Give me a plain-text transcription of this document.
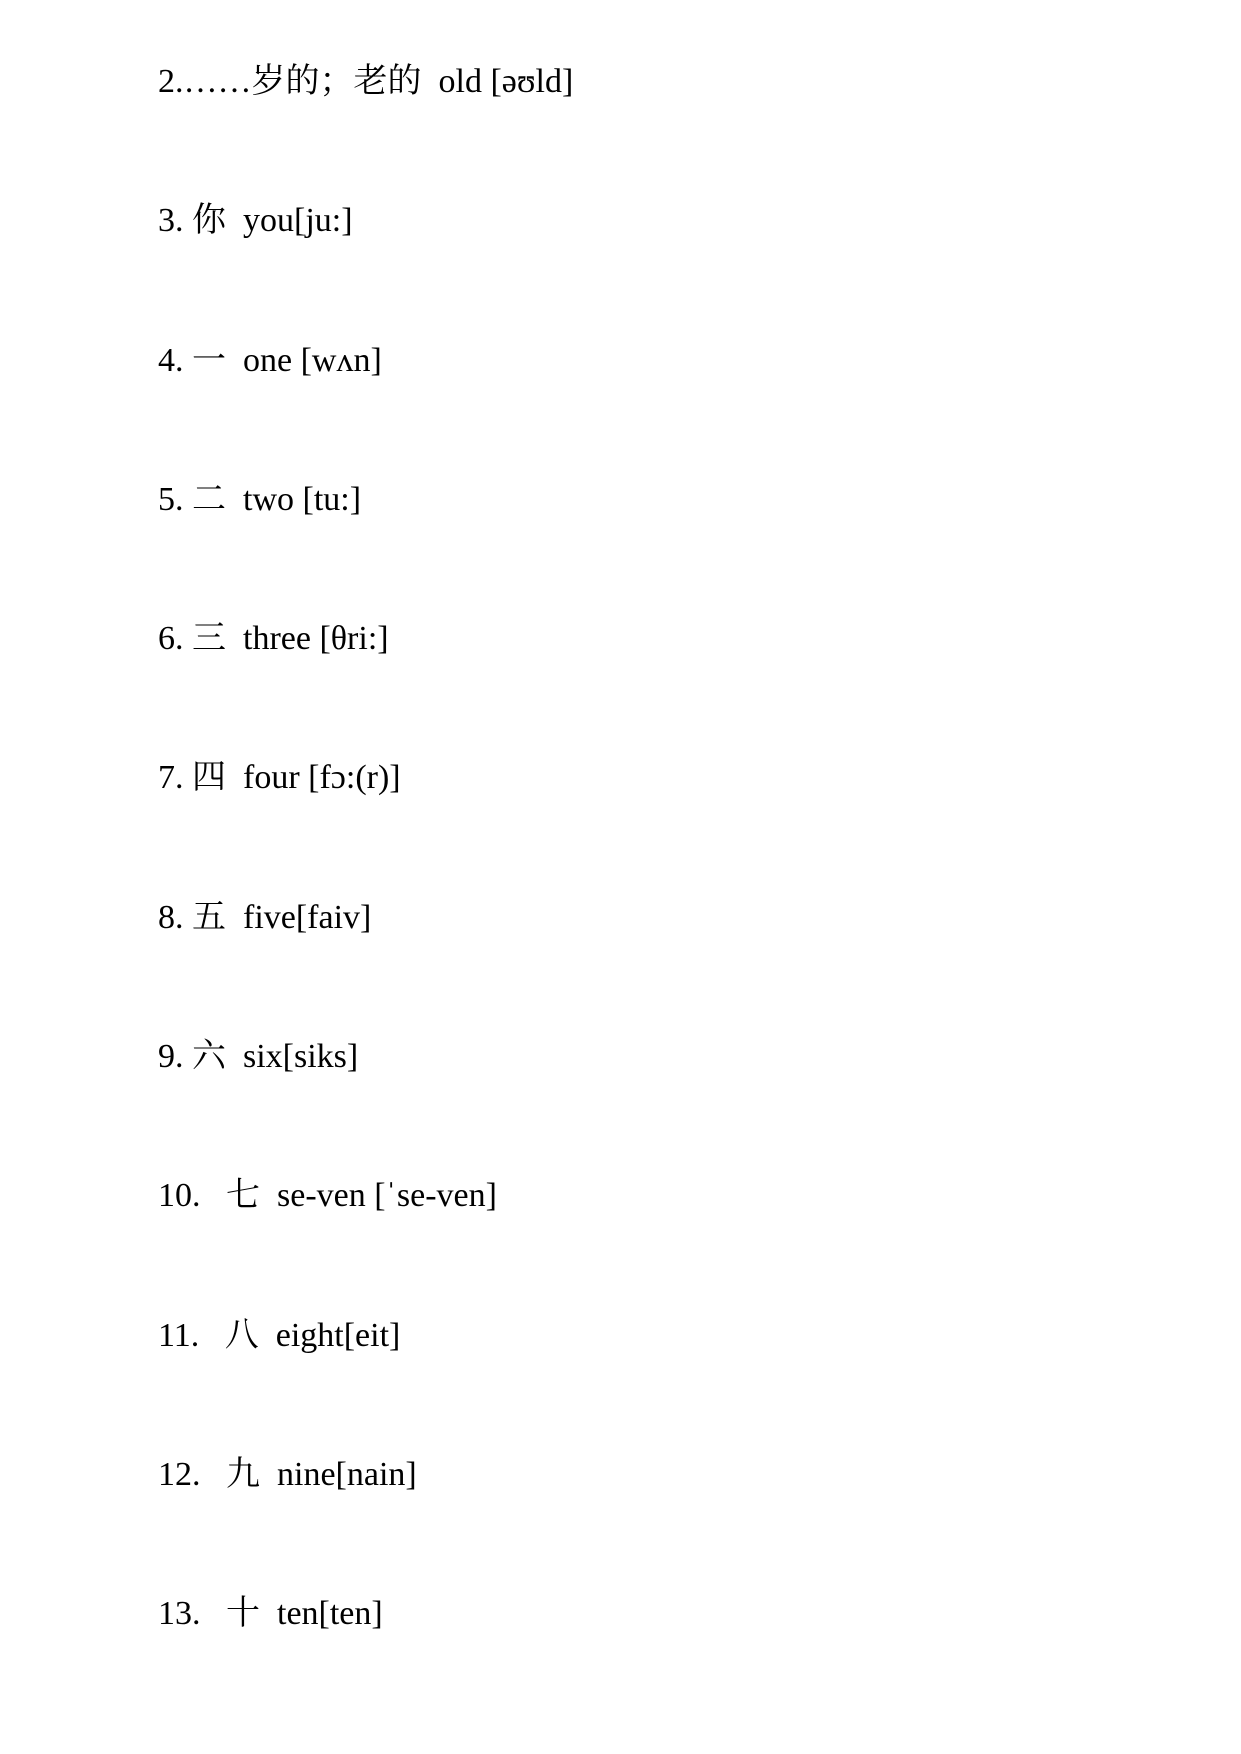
2.……岁的；老的  old [əʊld]
3. 你  you[ju:]
4. 一  one [wʌn]
5. 二  two [tu:]
6. 三  three [θri:]
7. 四  four [fɔ:(r)]
8. 五  five[faiv]
9. 六  six[siks]
10.   七  se-ven [ˈse-ven]
11.   八  eight[eit]
12.   九  nine[nain]
13.   十  ten[ten]
